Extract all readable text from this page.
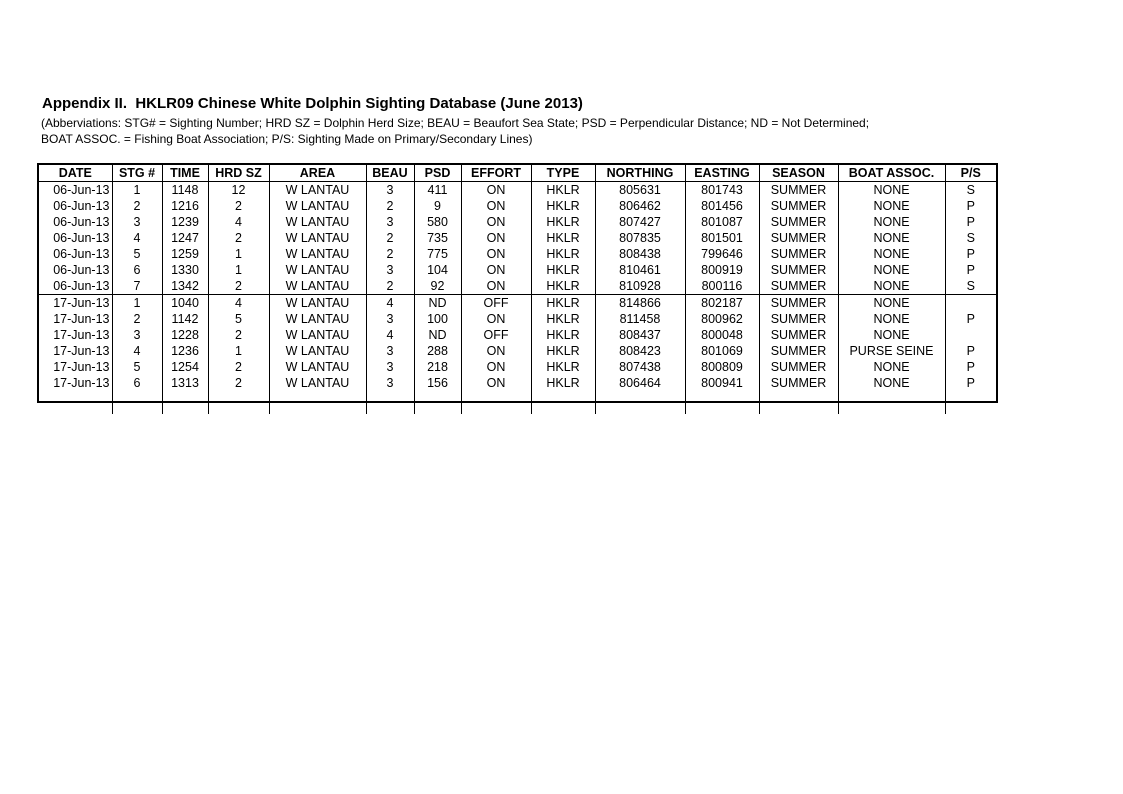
Appendix II.  HKLR09 Chinese White Dolphin Sighting Database (June 2013)
(Abberviations: STG# = Sighting Number; HRD SZ = Dolphin Herd Size; BEAU = Beaufort Sea State; PSD = Perpendicular Distance; ND = Not Determined;
BOAT ASSOC. = Fishing Boat Association; P/S: Sighting Made on Primary/Secondary Lines)
DATE	STG #	TIME	HRD SZ	AREA	BEAU	PSD	EFFORT	TYPE	NORTHING	EASTING	SEASON	BOAT ASSOC.	P/S
06-Jun-13	1	1148	12	W LANTAU	3	411	ON	HKLR	805631	801743	SUMMER	NONE	S
06-Jun-13	2	1216	2	W LANTAU	2	9	ON	HKLR	806462	801456	SUMMER	NONE	P
06-Jun-13	3	1239	4	W LANTAU	3	580	ON	HKLR	807427	801087	SUMMER	NONE	P
06-Jun-13	4	1247	2	W LANTAU	2	735	ON	HKLR	807835	801501	SUMMER	NONE	S
06-Jun-13	5	1259	1	W LANTAU	2	775	ON	HKLR	808438	799646	SUMMER	NONE	P
06-Jun-13	6	1330	1	W LANTAU	3	104	ON	HKLR	810461	800919	SUMMER	NONE	P
06-Jun-13	7	1342	2	W LANTAU	2	92	ON	HKLR	810928	800116	SUMMER	NONE	S
17-Jun-13	1	1040	4	W LANTAU	4	ND	OFF	HKLR	814866	802187	SUMMER	NONE	
17-Jun-13	2	1142	5	W LANTAU	3	100	ON	HKLR	811458	800962	SUMMER	NONE	P
17-Jun-13	3	1228	2	W LANTAU	4	ND	OFF	HKLR	808437	800048	SUMMER	NONE	
17-Jun-13	4	1236	1	W LANTAU	3	288	ON	HKLR	808423	801069	SUMMER	PURSE SEINE	P
17-Jun-13	5	1254	2	W LANTAU	3	218	ON	HKLR	807438	800809	SUMMER	NONE	P
17-Jun-13	6	1313	2	W LANTAU	3	156	ON	HKLR	806464	800941	SUMMER	NONE	P
